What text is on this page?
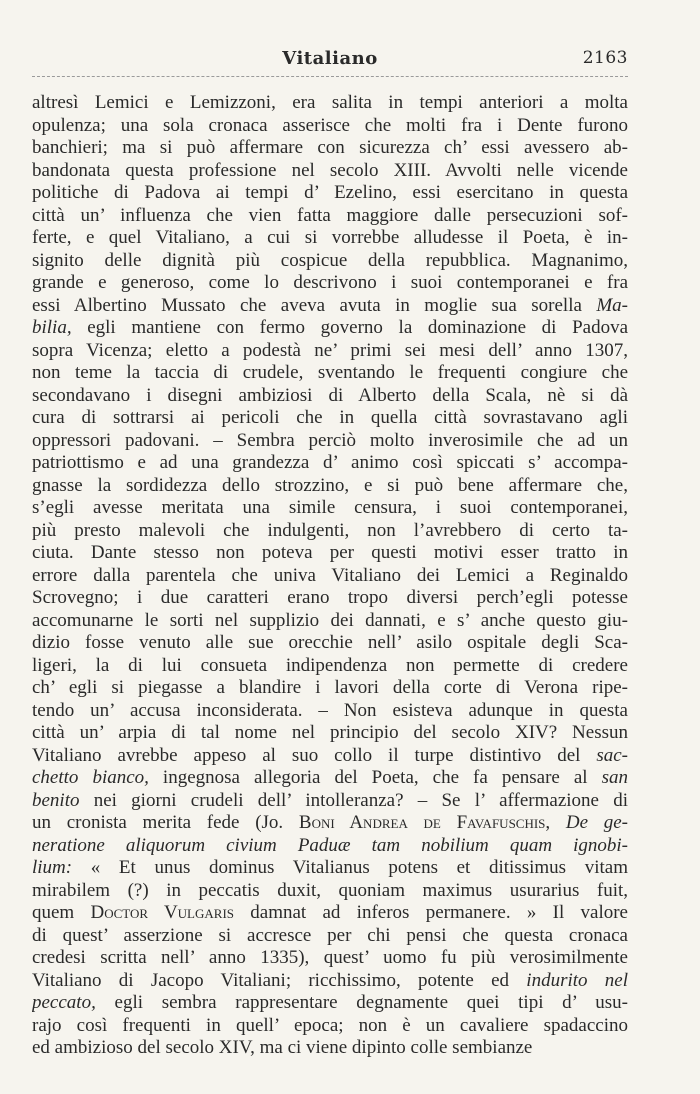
Vitaliano	2163
altresì Lemici e Lemizzoni, era salita in tempi anteriori a molta
opulenza; una sola cronaca asserisce che molti fra i Dente furono
banchieri; ma si può affermare con sicurezza ch’ essi avessero ab-
bandonata questa professione nel secolo XIII. Avvolti nelle vicende
politiche di Padova ai tempi d’ Ezelino, essi esercitano in questa
città un’ influenza che vien fatta maggiore dalle persecuzioni sof-
ferte, e quel Vitaliano, a cui si vorrebbe alludesse il Poeta, è in-
signito delle dignità più cospicue della repubblica. Magnanimo,
grande e generoso, come lo descrivono i suoi contemporanei e fra
essi Albertino Mussato che aveva avuta in moglie sua sorella Ma-
bilia, egli mantiene con fermo governo la dominazione di Padova
sopra Vicenza; eletto a podestà ne’ primi sei mesi dell’ anno 1307,
non teme la taccia di crudele, sventando le frequenti congiure che
secondavano i disegni ambiziosi di Alberto della Scala, nè si dà
cura di sottrarsi ai pericoli che in quella città sovrastavano agli
oppressori padovani. – Sembra perciò molto inverosimile che ad un
patriottismo e ad una grandezza d’ animo così spiccati s’ accompa-
gnasse la sordidezza dello strozzino, e si può bene affermare che,
s’egli avesse meritata una simile censura, i suoi contemporanei,
più presto malevoli che indulgenti, non l’avrebbero di certo ta-
ciuta. Dante stesso non poteva per questi motivi esser tratto in
errore dalla parentela che univa Vitaliano dei Lemici a Reginaldo
Scrovegno; i due caratteri erano tropo diversi perch’egli potesse
accomunarne le sorti nel supplizio dei dannati, e s’ anche questo giu-
dizio fosse venuto alle sue orecchie nell’ asilo ospitale degli Sca-
ligeri, la di lui consueta indipendenza non permette di credere
ch’ egli si piegasse a blandire i lavori della corte di Verona ripe-
tendo un’ accusa inconsiderata. – Non esisteva adunque in questa
città un’ arpia di tal nome nel principio del secolo XIV? Nessun
Vitaliano avrebbe appeso al suo collo il turpe distintivo del sac-
chetto bianco, ingegnosa allegoria del Poeta, che fa pensare al san
benito nei giorni crudeli dell’ intolleranza? – Se l’ affermazione di
un cronista merita fede (Jo. Boni Andrea de Favafuschis, De ge-
neratione aliquorum civium Paduæ tam nobilium quam ignobi-
lium: « Et unus dominus Vitalianus potens et ditissimus vitam
mirabilem (?) in peccatis duxit, quoniam maximus usurarius fuit,
quem Doctor Vulgaris damnat ad inferos permanere. » Il valore
di quest’ asserzione si accresce per chi pensi che questa cronaca
credesi scritta nell’ anno 1335), quest’ uomo fu più verosimilmente
Vitaliano di Jacopo Vitaliani; ricchissimo, potente ed indurito nel
peccato, egli sembra rappresentare degnamente quei tipi d’ usu-
rajo così frequenti in quell’ epoca; non è un cavaliere spadaccino
ed ambizioso del secolo XIV, ma ci viene dipinto colle sembianze
